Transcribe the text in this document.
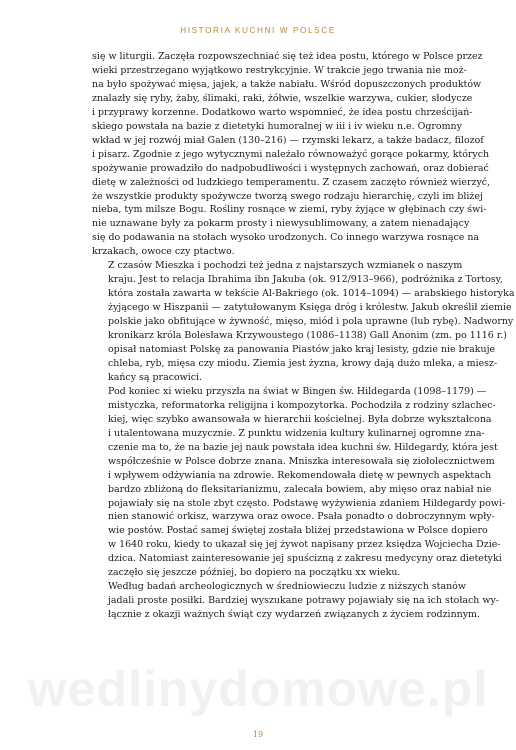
HISTORIA KUCHNI W POLSCE

się w liturgii. Zaczęła rozpowszechniać się też idea postu, którego w Polsce przez
wieki przestrzegano wyjątkowo restrykcyjnie. W trakcie jego trwania nie moż-
na było spożywać mięsa, jajek, a także nabiału. Wśród dopuszczonych produktów
znalazły się ryby, żaby, ślimaki, raki, żółwie, wszelkie warzywa, cukier, słodycze
i przyprawy korzenne. Dodatkowo warto wspomnieć, że idea postu chrześcijań-
skiego powstała na bazie z dietetyki humoralnej w iii i iv wieku n.e. Ogromny
wkład w jej rozwój miał Galen (130–216) — rzymski lekarz, a także badacz, filozof
i pisarz. Zgodnie z jego wytycznymi należało równoważyć gorące pokarmy, których
spożywanie prowadziło do nadpobudliwości i występnych zachowań, oraz dobierać
dietę w zależności od ludzkiego temperamentu. Z czasem zaczęto również wierzyć,
że wszystkie produkty spożywcze tworzą swego rodzaju hierarchię, czyli im bliżej
nieba, tym milsze Bogu. Rośliny rosnące w ziemi, ryby żyjące w głębinach czy świ-
nie uznawane były za pokarm prosty i niewysublimowany, a zatem nienadający
się do podawania na stołach wysoko urodzonych. Co innego warzywa rosnące na
krzakach, owoce czy ptactwo.

Z czasów Mieszka i pochodzi też jedna z najstarszych wzmianek o naszym
kraju. Jest to relacja Ibrahima ibn Jakuba (ok. 912/913–966), podróżnika z Tortosy,
która została zawarta w tekście Al-Bakriego (ok. 1014–1094) — arabskiego historyka
żyjącego w Hiszpanii — zatytułowanym Księga dróg i królestw. Jakub określił ziemie
polskie jako obfitujące w żywność, mięso, miód i pola uprawne (lub rybę). Nadworny
kronikarz króla Bolesława Krzywoustego (1086–1138) Gall Anonim (zm. po 1116 r.)
opisał natomiast Polskę za panowania Piastów jako kraj lesisty, gdzie nie brakuje
chleba, ryb, mięsa czy miodu. Ziemia jest żyzna, krowy dają dużo mleka, a miesz-
kańcy są pracowici.

Pod koniec xi wieku przyszła na świat w Bingen św. Hildegarda (1098–1179) —
mistyczka, reformatorka religijna i kompozytorka. Pochodziła z rodziny szlachec-
kiej, więc szybko awansowała w hierarchii kościelnej. Była dobrze wykształcona
i utalentowana muzycznie. Z punktu widzenia kultury kulinarnej ogromne zna-
czenie ma to, że na bazie jej nauk powstała idea kuchni św. Hildegardy, która jest
współcześnie w Polsce dobrze znana. Mniszka interesowała się ziołolecznictwem
i wpływem odżywiania na zdrowie. Rekomendowała dietę w pewnych aspektach
bardzo zbliżoną do fleksitarianizmu, zalecała bowiem, aby mięso oraz nabiał nie
pojawiały się na stole zbyt często. Podstawę wyżywienia zdaniem Hildegardy powi-
nien stanowić orkisz, warzywa oraz owoce. Psała ponadto o dobroczynnym wpły-
wie postów. Postać samej świętej została bliżej przedstawiona w Polsce dopiero
w 1640 roku, kiedy to ukazał się jej żywot napisany przez księdza Wojciecha Dzie-
dzica. Natomiast zainteresowanie jej spuścizną z zakresu medycyny oraz dietetyki
zaczęło się jeszcze później, bo dopiero na początku xx wieku.

Według badań archeologicznych w średniowieczu ludzie z niższych stanów
jadali proste posiłki. Bardziej wyszukane potrawy pojawiały się na ich stołach wy-
łącznie z okazji ważnych świąt czy wydarzeń związanych z życiem rodzinnym.

wedlinydomowe.pl
19
